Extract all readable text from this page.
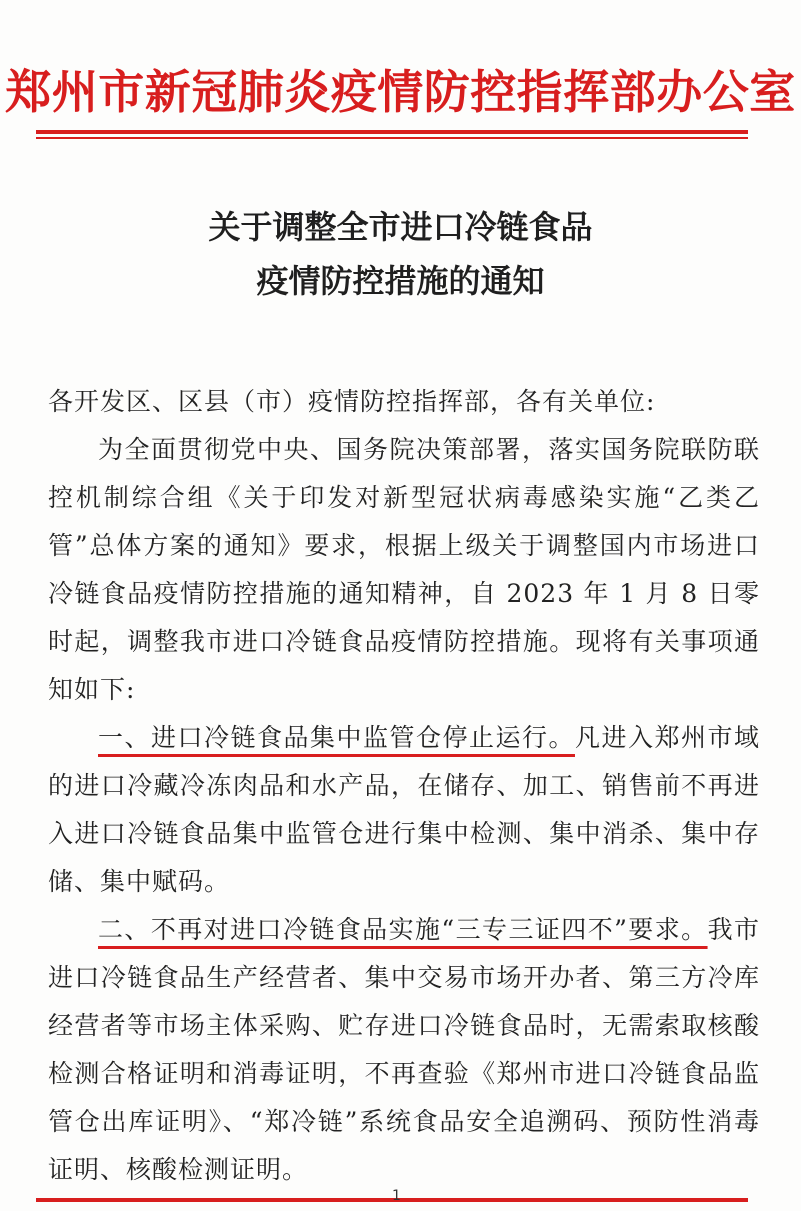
郑州市新冠肺炎疫情防控指挥部办公室
关于调整全市进口冷链食品
疫情防控措施的通知

各开发区、区县（市）疫情防控指挥部，各有关单位:

为全面贯彻党中央、国务院决策部署，落实国务院联防联控机制综合组《关于印发对新型冠状病毒感染实施“乙类乙管”总体方案的通知》要求，根据上级关于调整国内市场进口冷链食品疫情防控措施的通知精神，自 2023 年 1 月 8 日零时起，调整我市进口冷链食品疫情防控措施。现将有关事项通知如下:

一、进口冷链食品集中监管仓停止运行。凡进入郑州市域的进口冷藏冷冻肉品和水产品，在储存、加工、销售前不再进入进口冷链食品集中监管仓进行集中检测、集中消杀、集中存储、集中赋码。

二、不再对进口冷链食品实施“三专三证四不”要求。我市进口冷链食品生产经营者、集中交易市场开办者、第三方冷库经营者等市场主体采购、贮存进口冷链食品时，无需索取核酸检测合格证明和消毒证明，不再查验《郑州市进口冷链食品监管仓出库证明》、“郑冷链”系统食品安全追溯码、预防性消毒证明、核酸检测证明。

1
